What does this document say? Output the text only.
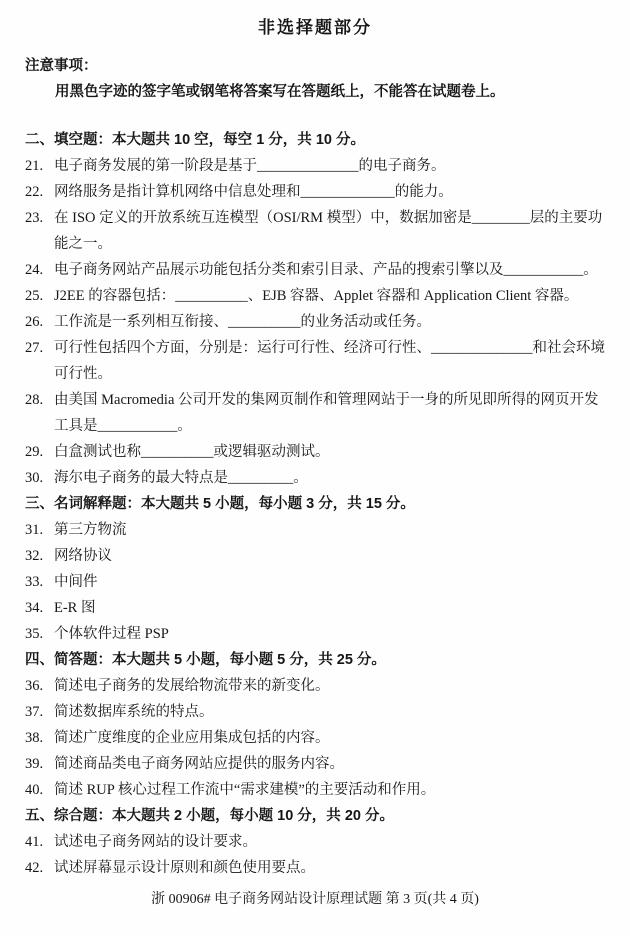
非选择题部分
注意事项：
用黑色字迹的签字笔或钢笔将答案写在答题纸上，不能答在试题卷上。
二、填空题：本大题共 10 空，每空 1 分，共 10 分。
21. 电子商务发展的第一阶段是基于______________的电子商务。
22. 网络服务是指计算机网络中信息处理和_____________的能力。
23. 在 ISO 定义的开放系统互连模型（OSI/RM 模型）中，数据加密是________层的主要功能之一。
24. 电子商务网站产品展示功能包括分类和索引目录、产品的搜索引擎以及___________。
25. J2EE 的容器包括：__________、EJB 容器、Applet 容器和 Application Client 容器。
26. 工作流是一系列相互衔接、__________的业务活动或任务。
27. 可行性包括四个方面，分别是：运行可行性、经济可行性、______________和社会环境可行性。
28. 由美国 Macromedia 公司开发的集网页制作和管理网站于一身的所见即所得的网页开发工具是___________。
29. 白盒测试也称__________或逻辑驱动测试。
30. 海尔电子商务的最大特点是_________。
三、名词解释题：本大题共 5 小题，每小题 3 分，共 15 分。
31. 第三方物流
32. 网络协议
33. 中间件
34. E-R 图
35. 个体软件过程 PSP
四、简答题：本大题共 5 小题，每小题 5 分，共 25 分。
36. 简述电子商务的发展给物流带来的新变化。
37. 简述数据库系统的特点。
38. 简述广度维度的企业应用集成包括的内容。
39. 简述商品类电子商务网站应提供的服务内容。
40. 简述 RUP 核心过程工作流中“需求建模”的主要活动和作用。
五、综合题：本大题共 2 小题，每小题 10 分，共 20 分。
41. 试述电子商务网站的设计要求。
42. 试述屏幕显示设计原则和颜色使用要点。
浙 00906# 电子商务网站设计原理试题 第 3 页(共 4 页)
